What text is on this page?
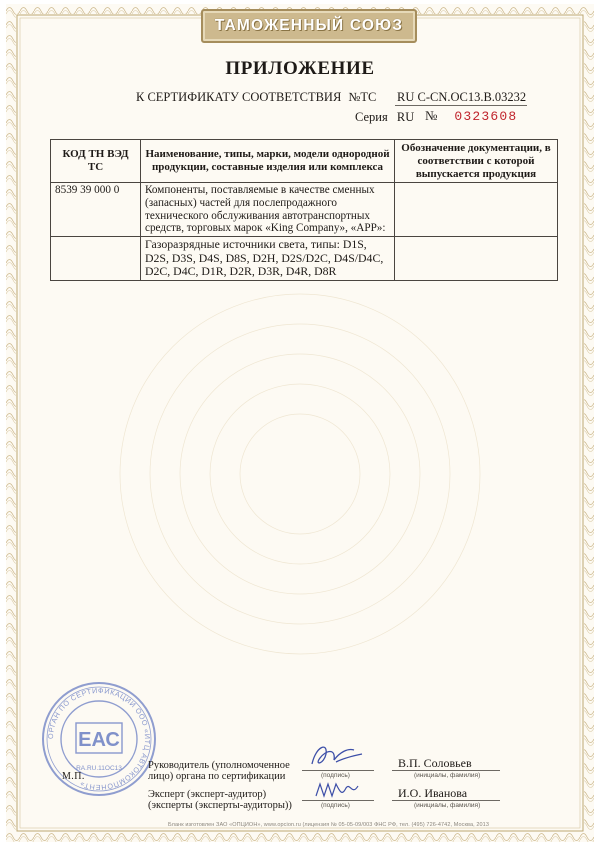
ТАМОЖЕННЫЙ СОЮЗ
ПРИЛОЖЕНИЕ
К СЕРТИФИКАТУ СООТВЕТСТВИЯ №ТС	RU C-CN.OC13.B.03232
Серия RU № 0323608
КОД ТН ВЭД ТС	Наименование, типы, марки, модели однородной продукции, составные изделия или комплекса	Обозначение документации, в соответствии с которой выпускается продукция
8539 39 000 0	Компоненты, поставляемые в качестве сменных (запасных) частей для послепродажного технического обслуживания автотранспортных средств, торговых марок «King Company», «APP»:	
	Газоразрядные источники света, типы: D1S, D2S, D3S, D4S, D8S, D2H, D2S/D2C, D4S/D4C, D2C, D4C, D1R, D2R, D3R, D4R, D8R	
ОРГАН ПО СЕРТИФИКАЦИИ ООО «ИТЦ АВТОКОМПОНЕНТ»
ЕАС
RA.RU.11ОС13
М.П.
Руководитель (уполномоченное
лицо) органа по сертификации	(подпись)
В.П. Соловьев
(инициалы, фамилия)
Эксперт (эксперт-аудитор)
(эксперты (эксперты-аудиторы))	(подпись)
И.О. Иванова
(инициалы, фамилия)
Бланк изготовлен ЗАО «ОПЦИОН», www.opcion.ru (лицензия № 05-05-09/003 ФНС РФ, тел. (495) 726-4742, Москва, 2013
